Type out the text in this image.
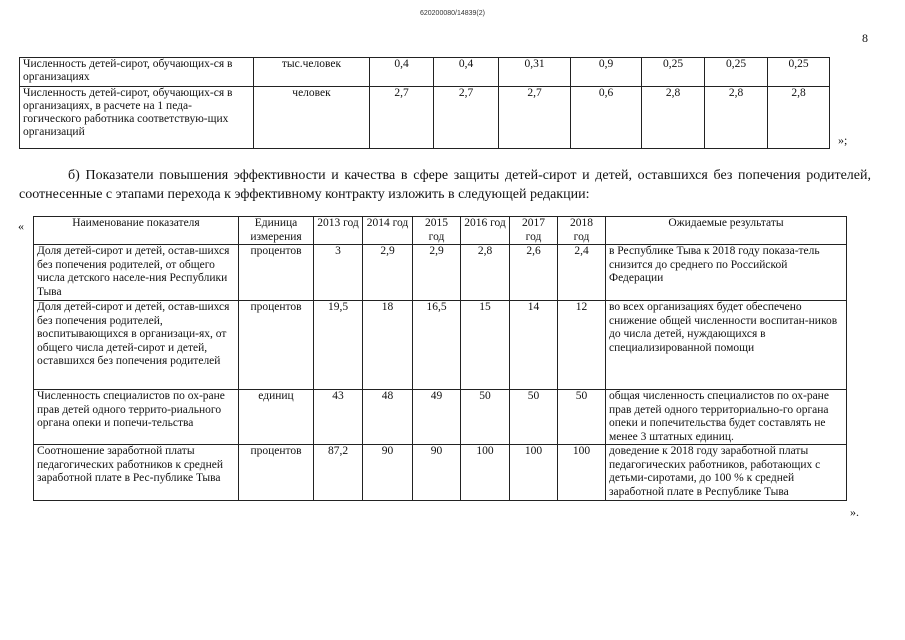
620200080/14839(2)
8
Численность детей-сирот, обучающих-ся в организациях	тыс.человек	0,4	0,4	0,31	0,9	0,25	0,25	0,25
Численность детей-сирот, обучающих-ся в организациях, в расчете на 1 педа-гогического работника соответствую-щих организаций	человек	2,7	2,7	2,7	0,6	2,8	2,8	2,8
»;
б) Показатели повышения эффективности и качества в сфере защиты детей-сирот и детей, оставшихся без попечения родителей, соотнесенные с этапами перехода к эффективному контракту изложить в следующей редакции:
«	Наименование показателя	Единица измерения	2013 год	2014 год	2015 год	2016 год	2017 год	2018 год	Ожидаемые результаты
Доля детей-сирот и детей, остав-шихся без попечения родителей, от общего числа детского населе-ния Республики Тыва	процентов	3	2,9	2,9	2,8	2,6	2,4	в Республике Тыва к 2018 году показа-тель снизится до среднего по Российской Федерации
Доля детей-сирот и детей, остав-шихся без попечения родителей, воспитывающихся в организаци-ях, от общего числа детей-сирот и детей, оставшихся без попечения родителей	процентов	19,5	18	16,5	15	14	12	во всех организациях будет обеспечено снижение общей численности воспитан-ников до числа детей, нуждающихся в специализированной помощи
Численность специалистов по ох-ране прав детей одного террито-риального органа опеки и попечи-тельства	единиц	43	48	49	50	50	50	общая численность специалистов по ох-ране прав детей одного территориально-го органа опеки и попечительства будет составлять не менее 3 штатных единиц.
Соотношение заработной платы педагогических работников к средней заработной плате в Рес-публике Тыва	процентов	87,2	90	90	100	100	100	доведение к 2018 году заработной платы педагогических работников, работающих с детьми-сиротами, до 100 % к средней заработной плате в Республике Тыва
».
